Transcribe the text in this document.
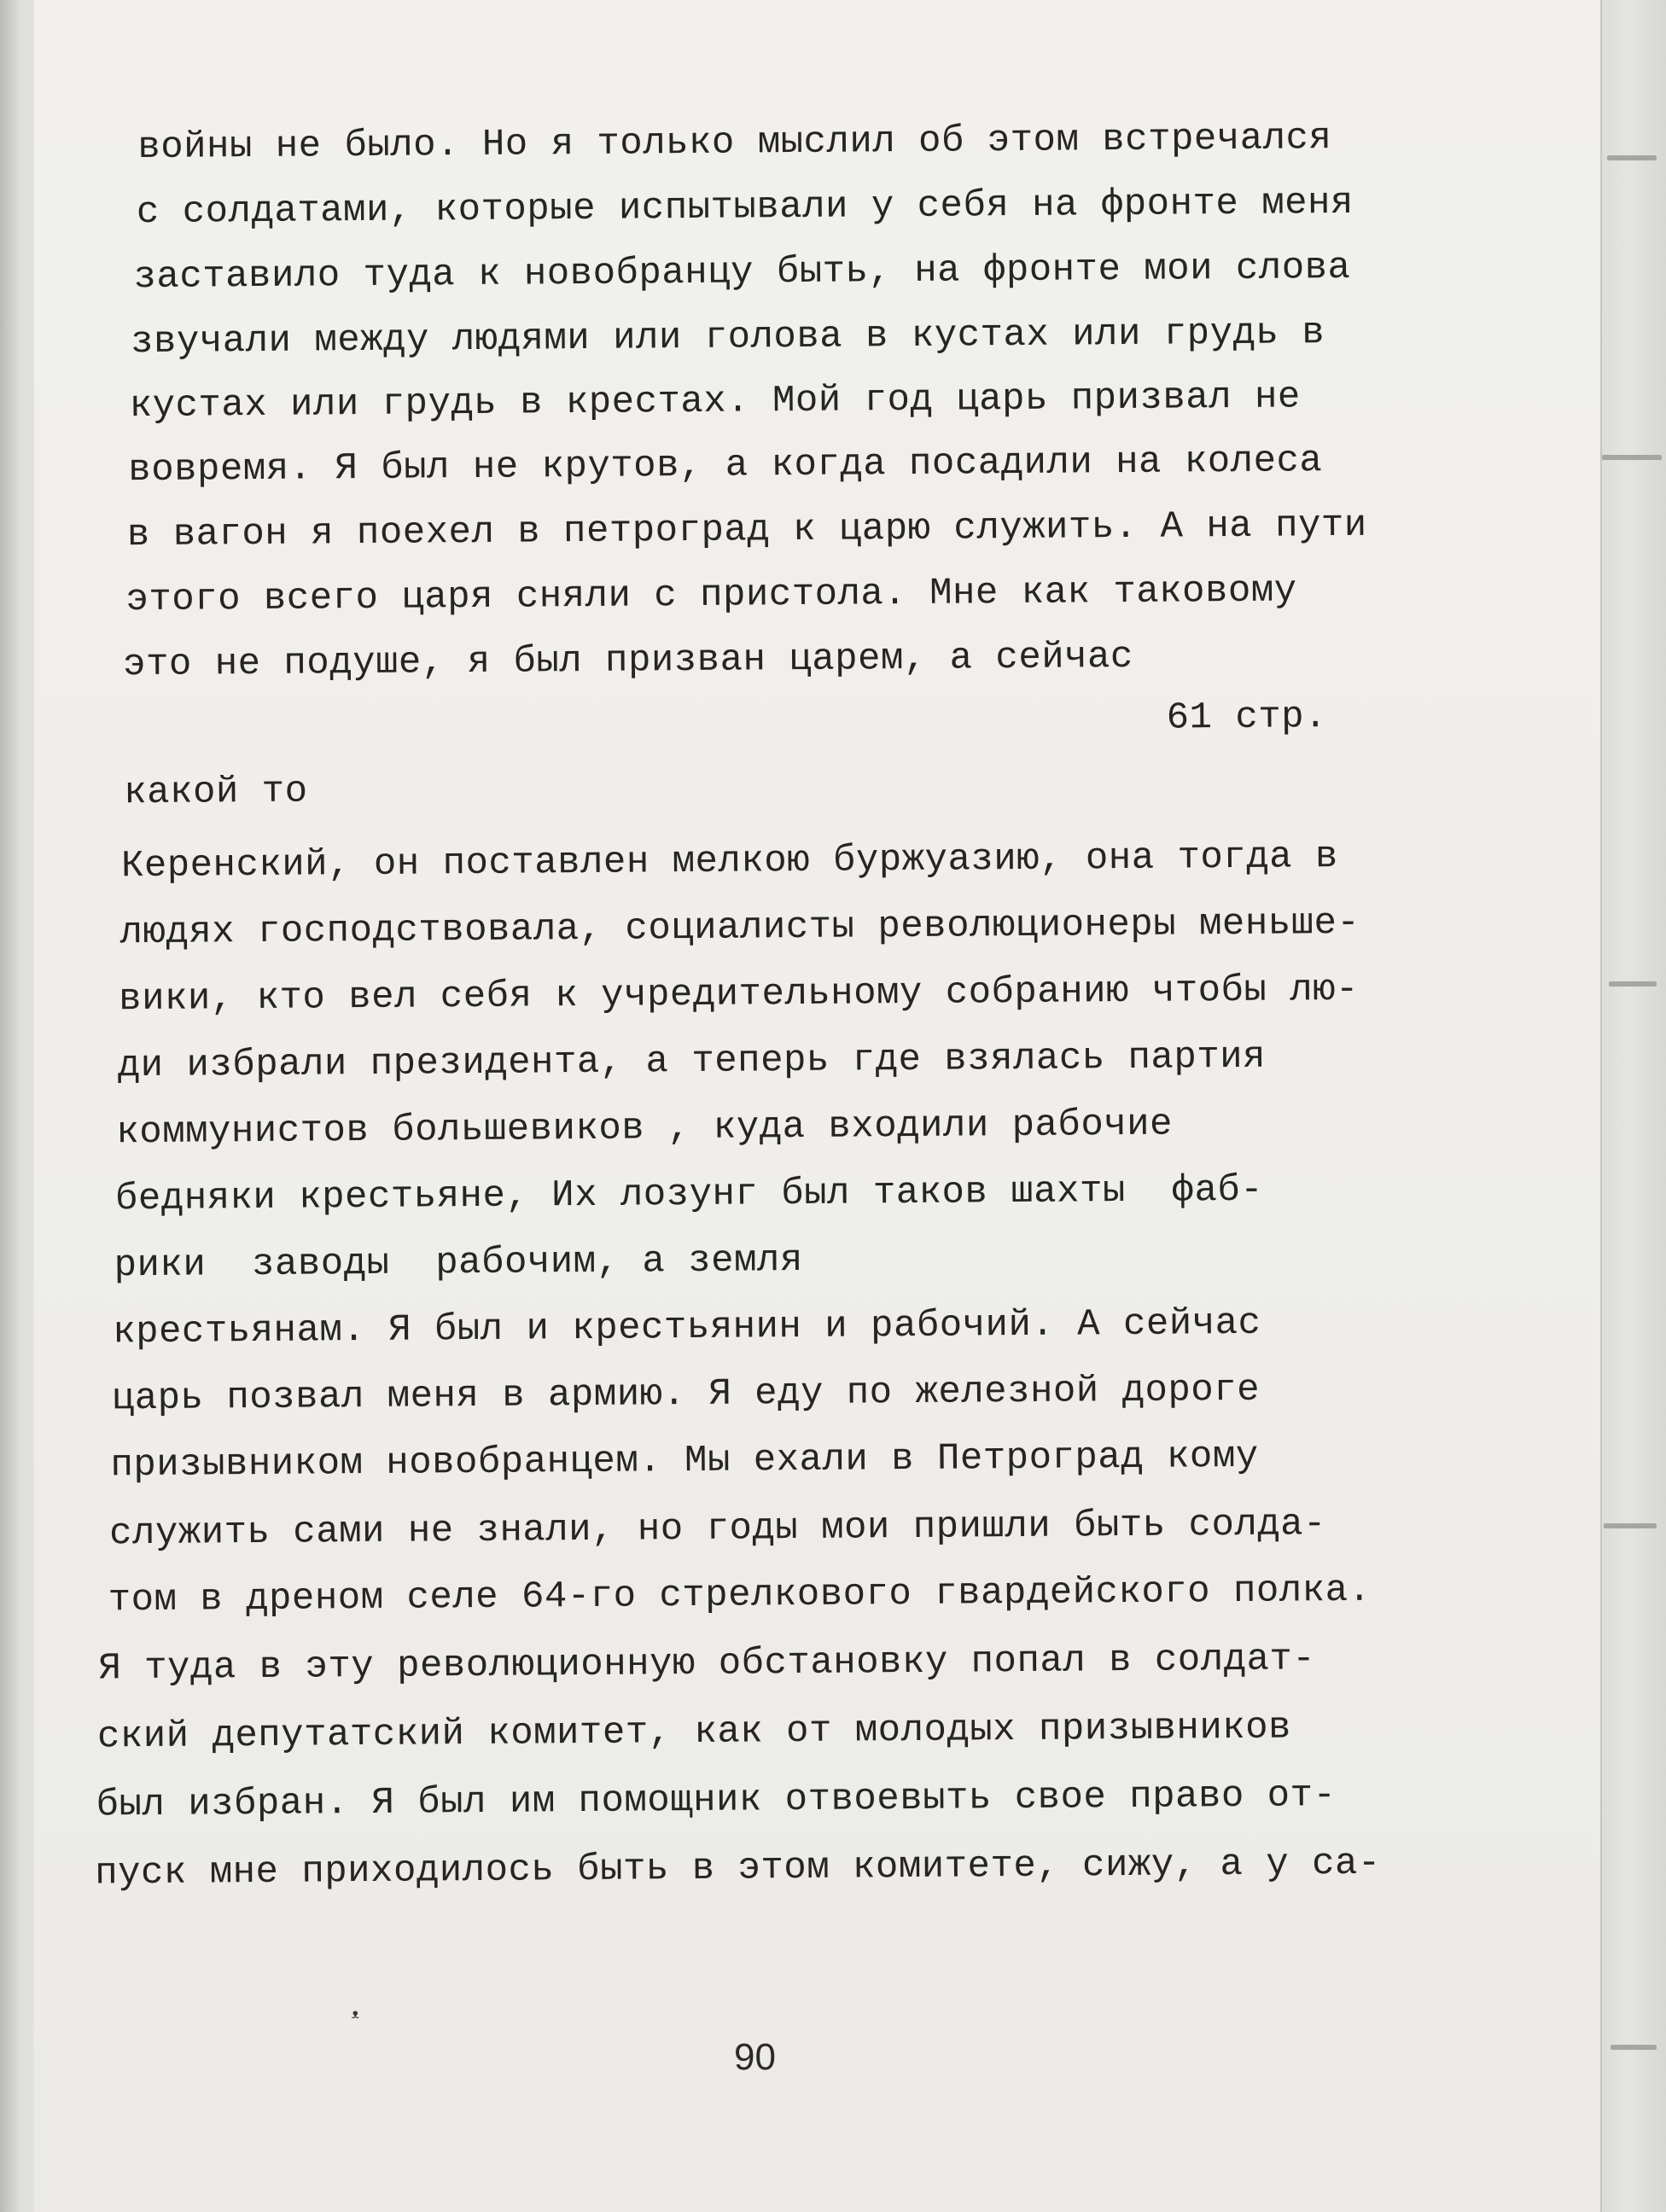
войны не было. Но я только мыслил об этом встречался
с солдатами, которые испытывали у себя на фронте меня
заставило туда к новобранцу быть, на фронте мои слова
звучали между людями или голова в кустах или грудь в
кустах или грудь в крестах. Мой год царь призвал не
вовремя. Я был не крутов, а когда посадили на колеса
в вагон я поехел в петроград к царю служить. А на пути
этого всего царя сняли с пристола. Мне как таковому
это не подуше, я был призван царем, а сейчас
61 стр.
какой то
Керенский, он поставлен мелкою буржуазию, она тогда в
людях господствовала, социалисты революционеры меньше-
вики, кто вел себя к учредительному собранию чтобы лю-
ди избрали президента, а теперь где взялась партия
коммунистов большевиков , куда входили рабочие
бедняки крестьяне, Их лозунг был таков шахты  фаб-
рики  заводы  рабочим, а земля
крестьянам. Я был и крестьянин и рабочий. А сейчас
царь позвал меня в армию. Я еду по железной дороге
призывником новобранцем. Мы ехали в Петроград кому
служить сами не знали, но годы мои пришли быть солда-
том в дреном селе 64-го стрелкового гвардейского полка.
Я туда в эту революционную обстановку попал в солдат-
ский депутатский комитет, как от молодых призывников
был избран. Я был им помощник отвоевыть свое право от-
пуск мне приходилось быть в этом комитете, сижу, а у са-
ᵜ
90
